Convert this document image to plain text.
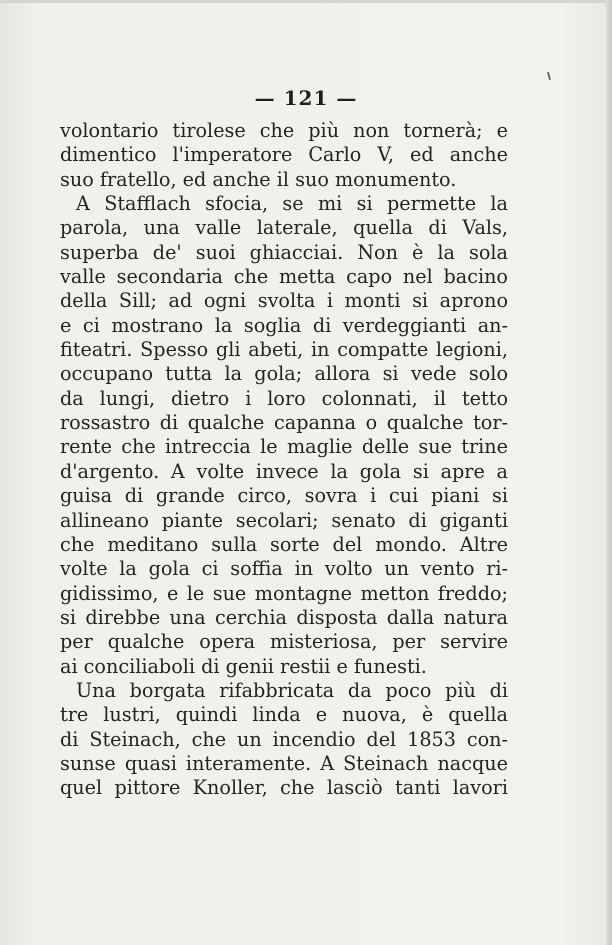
— 121 —
volontario tirolese che più non tornerà; e
dimentico l'imperatore Carlo V, ed anche
suo fratello, ed anche il suo monumento.
A Stafflach sfocia, se mi si permette la
parola, una valle laterale, quella di Vals,
superba de' suoi ghiacciai. Non è la sola
valle secondaria che metta capo nel bacino
della Sill; ad ogni svolta i monti si aprono
e ci mostrano la soglia di verdeggianti an-
fiteatri. Spesso gli abeti, in compatte legioni,
occupano tutta la gola; allora si vede solo
da lungi, dietro i loro colonnati, il tetto
rossastro di qualche capanna o qualche tor-
rente che intreccia le maglie delle sue trine
d'argento. A volte invece la gola si apre a
guisa di grande circo, sovra i cui piani si
allineano piante secolari; senato di giganti
che meditano sulla sorte del mondo. Altre
volte la gola ci soffia in volto un vento ri-
gidissimo, e le sue montagne metton freddo;
si direbbe una cerchia disposta dalla natura
per qualche opera misteriosa, per servire
ai conciliaboli di genii restii e funesti.
Una borgata rifabbricata da poco più di
tre lustri, quindi linda e nuova, è quella
di Steinach, che un incendio del 1853 con-
sunse quasi interamente. A Steinach nacque
quel pittore Knoller, che lasciò tanti lavori
